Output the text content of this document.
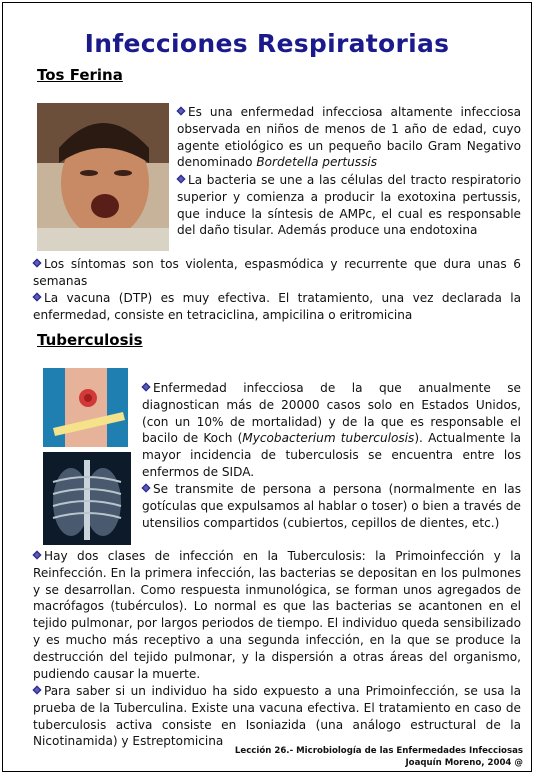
Infecciones Respiratorias
Tos Ferina
Es una enfermedad infecciosa altamente infecciosa observada en niños de menos de 1 año de edad, cuyo agente etiológico es un pequeño bacilo Gram Negativo denominado Bordetella pertussis
La bacteria se une a las células del tracto respiratorio superior y comienza a producir la exotoxina pertussis, que induce la síntesis de AMPc, el cual es responsable del daño tisular. Además produce una endotoxina
Los síntomas son tos violenta, espasmódica y recurrente que dura unas 6 semanas
La vacuna (DTP) es muy efectiva. El tratamiento, una vez declarada la enfermedad, consiste en tetraciclina, ampicilina o eritromicina
Tuberculosis
Enfermedad infecciosa de la que anualmente se diagnostican más de 20000 casos solo en Estados Unidos, (con un 10% de mortalidad) y de la que es responsable el bacilo de Koch (Mycobacterium tuberculosis). Actualmente la mayor incidencia de tuberculosis se encuentra entre los enfermos de SIDA.
Se transmite de persona a persona (normalmente en las gotículas que expulsamos al hablar o toser) o bien a través de utensilios compartidos (cubiertos, cepillos de dientes, etc.)
Hay dos clases de infección en la Tuberculosis: la Primoinfección y la Reinfección. En la primera infección, las bacterias se depositan en los pulmones y se desarrollan. Como respuesta inmunológica, se forman unos agregados de macrófagos (tubérculos). Lo normal es que las bacterias se acantonen en el tejido pulmonar, por largos periodos de tiempo. El individuo queda sensibilizado y es mucho más receptivo a una segunda infección, en la que se produce la destrucción del tejido pulmonar, y la dispersión a otras áreas del organismo, pudiendo causar la muerte.
Para saber si un individuo ha sido expuesto a una Primoinfección, se usa la prueba de la Tuberculina. Existe una vacuna efectiva. El tratamiento en caso de tuberculosis activa consiste en Isoniazida (una análogo estructural de la Nicotinamida) y Estreptomicina
Lección 26.- Microbiología de las Enfermedades Infecciosas
Joaquín Moreno, 2004 @
